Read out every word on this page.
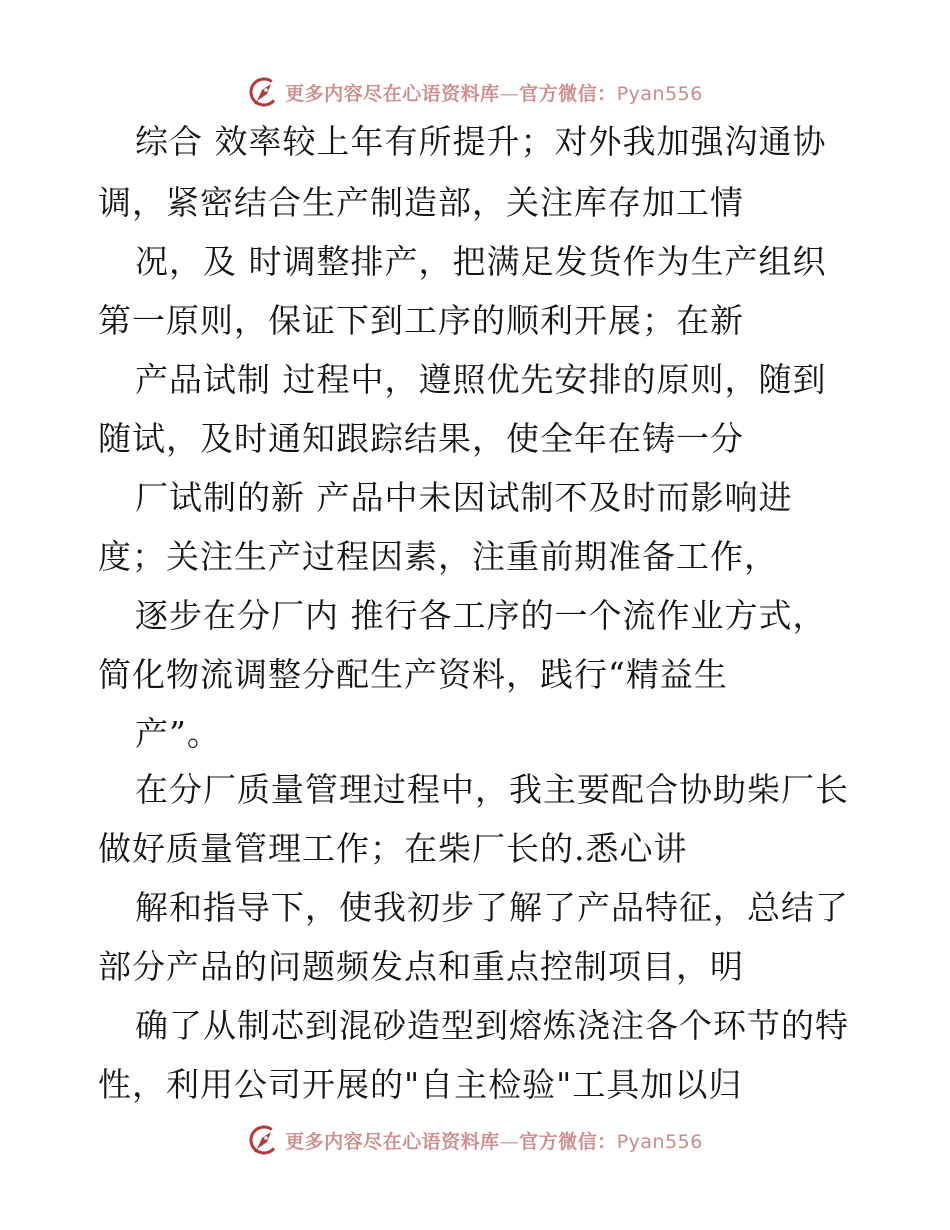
更多内容尽在心语资料库—官方微信：Pyan556
综合 效率较上年有所提升；对外我加强沟通协
调，紧密结合生产制造部，关注库存加工情
况，及 时调整排产，把满足发货作为生产组织
第一原则，保证下到工序的顺利开展；在新
产品试制 过程中，遵照优先安排的原则，随到
随试，及时通知跟踪结果，使全年在铸一分
厂试制的新 产品中未因试制不及时而影响进
度；关注生产过程因素，注重前期准备工作，
逐步在分厂内 推行各工序的一个流作业方式，
简化物流调整分配生产资料，践行“精益生
产”。
在分厂质量管理过程中，我主要配合协助柴厂长
做好质量管理工作；在柴厂长的.悉心讲
解和指导下，使我初步了解了产品特征，总结了
部分产品的问题频发点和重点控制项目，明
确了从制芯到混砂造型到熔炼浇注各个环节的特
性，利用公司开展的"自主检验"工具加以归
更多内容尽在心语资料库—官方微信：Pyan556
